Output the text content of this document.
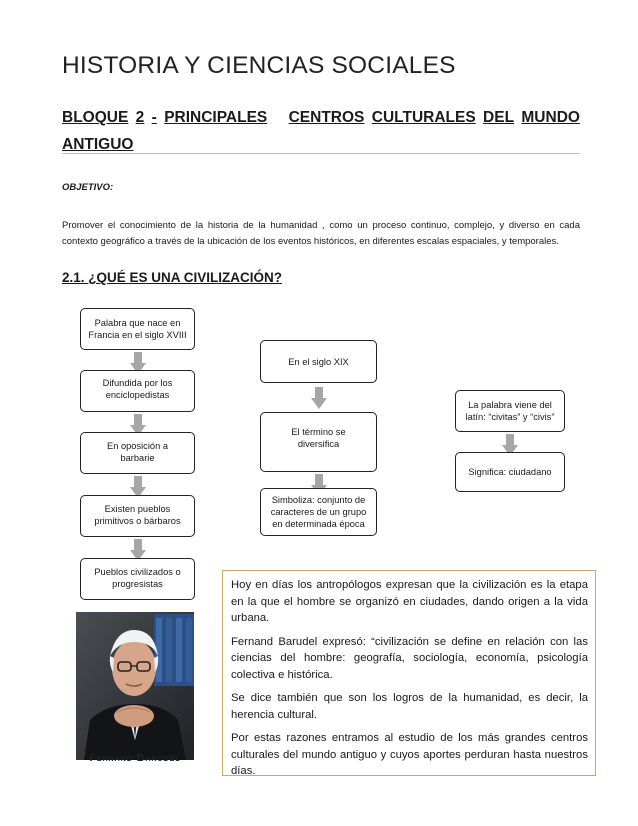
HISTORIA Y CIENCIAS SOCIALES
BLOQUE 2 - PRINCIPALES CENTROS CULTURALES DEL MUNDO
ANTIGUO
OBJETIVO:
Promover el conocimiento de la historia de la humanidad , como un proceso continuo, complejo, y diverso en cada contexto geográfico a través de la ubicación de los eventos históricos, en diferentes escalas espaciales, y temporales.
2.1. ¿QUÉ ES UNA CIVILIZACIÓN?
Palabra que nace en Francia en el siglo XVIII
Difundida por los enciclopedistas
En oposición a barbarie
Existen pueblos primitivos o bárbaros
Pueblos civilizados o progresistas
En el siglo XIX
El término se diversifica
Simboliza: conjunto de caracteres de un grupo en determinada época
La palabra viene del latín: “civitas” y “civis”
Significa: ciudadano
Fernand Barudel

Hoy en días los antropólogos expresan que la civilización es la etapa en la que el hombre se organizó en ciudades, dando origen a la vida urbana.

Fernand Barudel expresó: “civilización se define en relación con las ciencias del hombre: geografía, sociología, economía, psicología colectiva e histórica.

Se dice también que son los logros de la humanidad, es decir, la herencia cultural.

Por estas razones entramos al estudio de los más grandes centros culturales del mundo antiguo y cuyos aportes perduran hasta nuestros días.
